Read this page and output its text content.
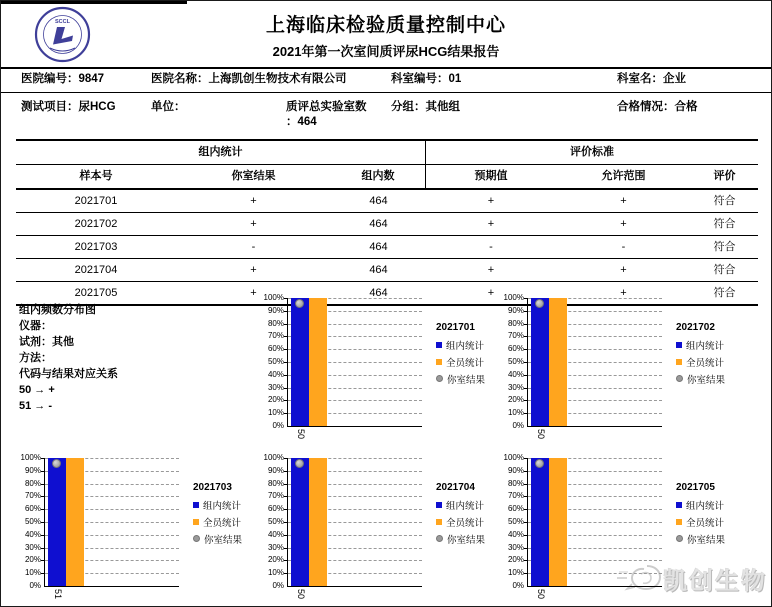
SCCL	上海临床检验质量控制中心
2021年第一次室间质评尿HCG结果报告
医院编号：9847	医院名称：上海凯创生物技术有限公司	科室编号：01	科室名：企业
测试项目：尿HCG	单位：	质评总实验室数
：464
分组：其他组	合格情况：合格
组内统计	评价标准
样本号	你室结果	组内数	预期值	允许范围	评价
2021701	+	464	+	+	符合
2021702	+	464	+	+	符合
2021703	-	464	-	-	符合
2021704	+	464	+	+	符合
2021705	+	464	+	+	符合
组内频数分布图
仪器：
试剂：其他
方法：
代码与结果对应关系
50 → +
51 → -
凯创生物
100%
90%
80%
70%
60%
50%
40%
30%
20%
10%
0%
50
2021701
组内统计
全员统计
你室结果
100%
90%
80%
70%
60%
50%
40%
30%
20%
10%
0%
50
2021702
组内统计
全员统计
你室结果
100%
90%
80%
70%
60%
50%
40%
30%
20%
10%
0%
51
2021703
组内统计
全员统计
你室结果
100%
90%
80%
70%
60%
50%
40%
30%
20%
10%
0%
50
2021704
组内统计
全员统计
你室结果
100%
90%
80%
70%
60%
50%
40%
30%
20%
10%
0%
50
2021705
组内统计
全员统计
你室结果
